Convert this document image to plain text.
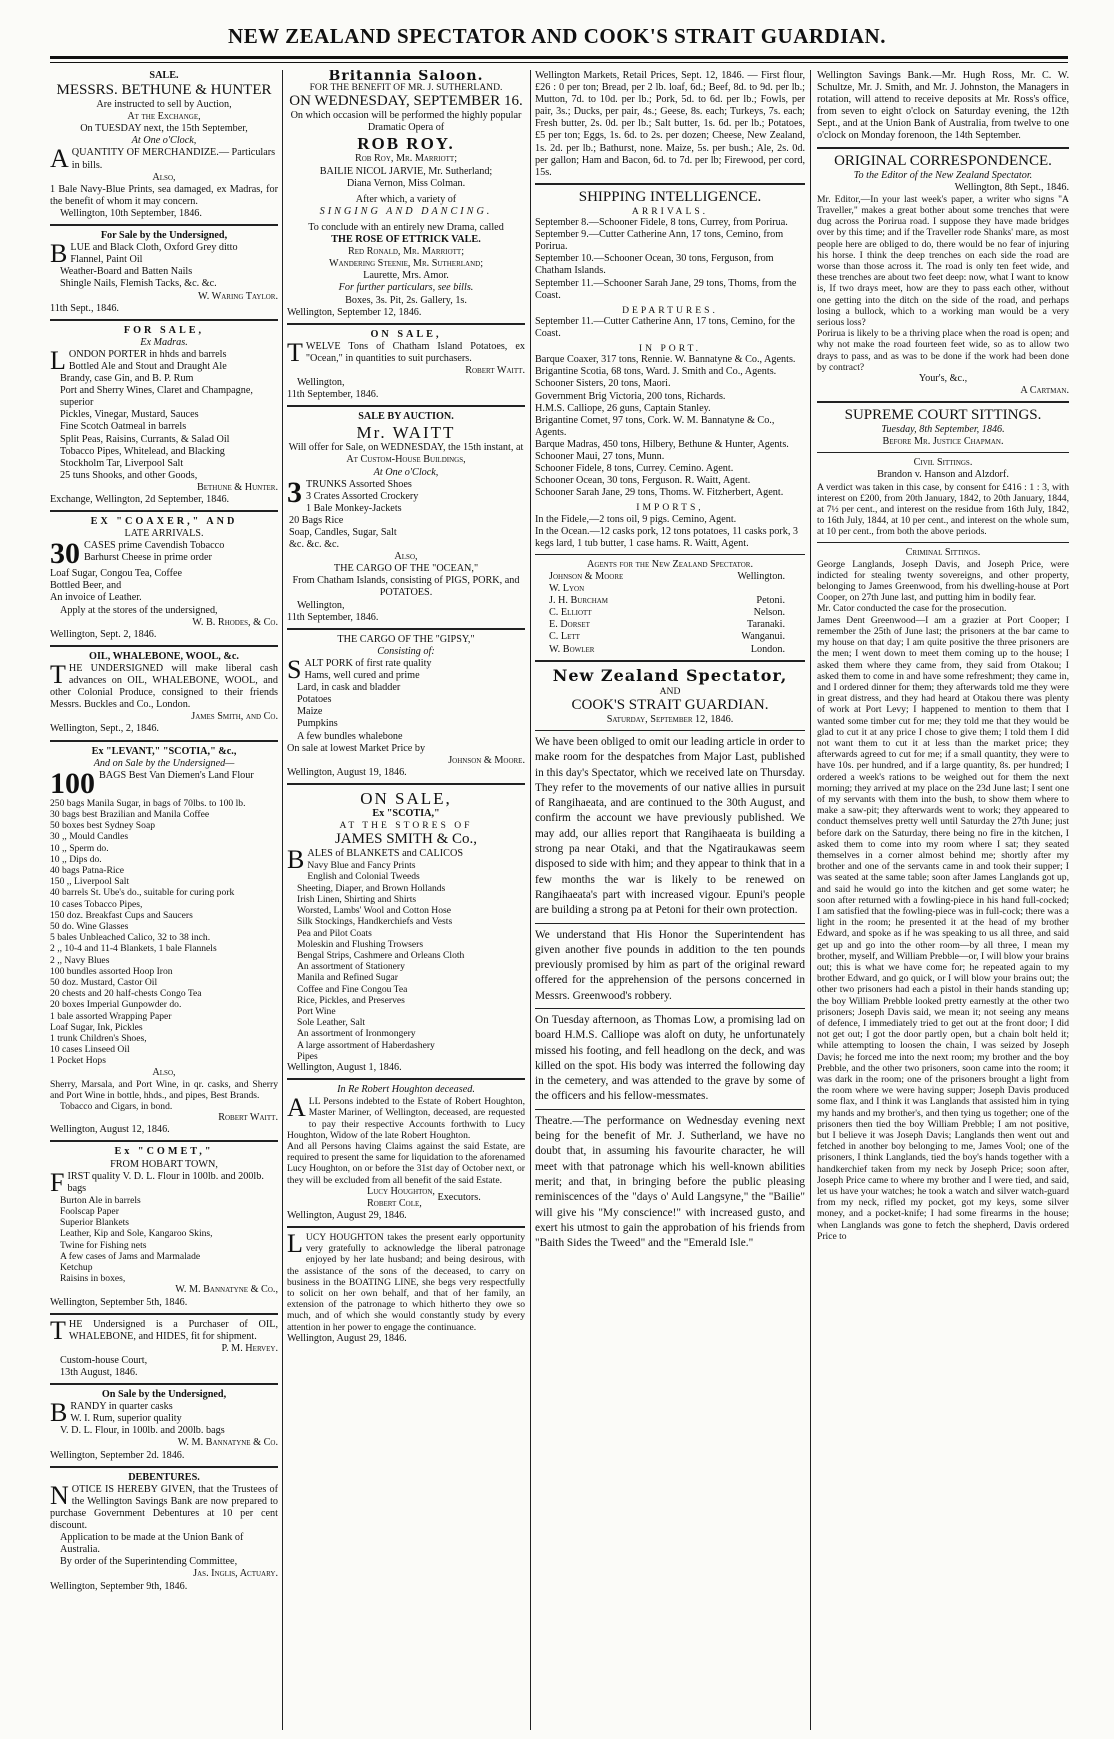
NEW ZEALAND SPECTATOR AND COOK'S STRAIT GUARDIAN.
SALE.
MESSRS. BETHUNE & HUNTER
Are instructed to sell by Auction,
At the Exchange,
On TUESDAY next, the 15th September,
At One o'Clock,
AQUANTITY OF MERCHANDIZE.— Particulars in bills.
Also,
1 Bale Navy-Blue Prints, sea damaged, ex Madras, for the benefit of whom it may concern.
Wellington, 10th September, 1846.
For Sale by the Undersigned,
BLUE and Black Cloth, Oxford Grey ditto
Flannel, Paint Oil
Weather-Board and Batten Nails
Shingle Nails, Flemish Tacks, &c. &c.
W. Waring Taylor.
11th Sept., 1846.
FOR SALE,
Ex Madras.
LONDON PORTER in hhds and barrels
Bottled Ale and Stout and Draught Ale
Brandy, case Gin, and B. P. Rum
Port and Sherry Wines, Claret and Champagne, superior
Pickles, Vinegar, Mustard, Sauces
Fine Scotch Oatmeal in barrels
Split Peas, Raisins, Currants, & Salad Oil
Tobacco Pipes, Whitelead, and Blacking
Stockholm Tar, Liverpool Salt
25 tuns Shooks, and other Goods,
Bethune & Hunter.
Exchange, Wellington, 2d September, 1846.
EX "COAXER," AND
LATE ARRIVALS.
30 CASES prime Cavendish Tobacco
Barhurst Cheese in prime order
Loaf Sugar, Congou Tea, Coffee
Bottled Beer, and
An invoice of Leather.
Apply at the stores of the undersigned,
W. B. Rhodes, & Co.
Wellington, Sept. 2, 1846.
OIL, WHALEBONE, WOOL, &c.
THE UNDERSIGNED will make liberal cash advances on OIL, WHALEBONE, WOOL, and other Colonial Produce, consigned to their friends Messrs. Buckles and Co., London.
James Smith, and Co.
Wellington, Sept., 2, 1846.
Ex "LEVANT," "SCOTIA," &c.,
And on Sale by the Undersigned—
100 BAGS Best Van Diemen's Land Flour
250 bags Manila Sugar, in bags of 70lbs. to 100 lb.
30 bags best Brazilian and Manila Coffee
50 boxes best Sydney Soap
30 ,, Mould Candles
10 ,, Sperm do.
10 ,, Dips do.
40 bags Patna-Rice
150 ,, Liverpool Salt
40 barrels St. Ube's do., suitable for curing pork
10 cases Tobacco Pipes,
150 doz. Breakfast Cups and Saucers
50 do. Wine Glasses
5 bales Unbleached Calico, 32 to 38 inch.
2 ,, 10-4 and 11-4 Blankets, 1 bale Flannels
2 ,, Navy Blues
100 bundles assorted Hoop Iron
50 doz. Mustard, Castor Oil
20 chests and 20 half-chests Congo Tea
20 boxes Imperial Gunpowder do.
1 bale assorted Wrapping Paper
Loaf Sugar, Ink, Pickles
1 trunk Children's Shoes,
10 cases Linseed Oil
1 Pocket Hops
Also,
Sherry, Marsala, and Port Wine, in qr. casks, and Sherry and Port Wine in bottle, hhds., and pipes, Best Brands.
Tobacco and Cigars, in bond.
Robert Waitt.
Wellington, August 12, 1846.
Ex "COMET,"
FROM HOBART TOWN,
FIRST quality V. D. L. Flour in 100lb. and 200lb. bags
Burton Ale in barrels
Foolscap Paper
Superior Blankets
Leather, Kip and Sole, Kangaroo Skins,
Twine for Fishing nets
A few cases of Jams and Marmalade
Ketchup
Raisins in boxes,
W. M. Bannatyne & Co.,
Wellington, September 5th, 1846.
THE Undersigned is a Purchaser of OIL, WHALEBONE, and HIDES, fit for shipment.
P. M. Hervey.
Custom-house Court,
13th August, 1846.
On Sale by the Undersigned,
BRANDY in quarter casks
W. I. Rum, superior quality
V. D. L. Flour, in 100lb. and 200lb. bags
W. M. Bannatyne & Co.
Wellington, September 2d. 1846.
DEBENTURES.
NOTICE IS HEREBY GIVEN, that the Trustees of the Wellington Savings Bank are now prepared to purchase Government Debentures at 10 per cent discount.
Application to be made at the Union Bank of Australia.
By order of the Superintending Committee,
Jas. Inglis, Actuary.
Wellington, September 9th, 1846.
Britannia Saloon.
FOR THE BENEFIT OF MR. J. SUTHERLAND.
ON WEDNESDAY, SEPTEMBER 16.
On which occasion will be performed the highly popular Dramatic Opera of
ROB ROY.
Rob Roy, Mr. Marriott;
BAILIE NICOL JARVIE, Mr. Sutherland;
Diana Vernon, Miss Colman.
After which, a variety of
SINGING AND DANCING.
To conclude with an entirely new Drama, called
THE ROSE OF ETTRICK VALE.
Red Ronald, Mr. Marriott;
Wandering Steenie, Mr. Sutherland;
Laurette, Mrs. Amor.
For further particulars, see bills.
Boxes, 3s. Pit, 2s. Gallery, 1s.
Wellington, September 12, 1846.
ON SALE,
TWELVE Tons of Chatham Island Potatoes, ex "Ocean," in quantities to suit purchasers.
Robert Waitt.
Wellington,
11th September, 1846.
SALE BY AUCTION.
Mr. WAITT
Will offer for Sale, on WEDNESDAY, the 15th instant, at
At Custom-House Buildings,
At One o'Clock,
3 TRUNKS Assorted Shoes
3 Crates Assorted Crockery
1 Bale Monkey-Jackets
20 Bags Rice
Soap, Candles, Sugar, Salt
&c. &c. &c.
Also,
THE CARGO OF THE "OCEAN,"
From Chatham Islands, consisting of PIGS, PORK, and POTATOES.
Wellington,
11th September, 1846.
THE CARGO OF THE "GIPSY,"
Consisting of:
SALT PORK of first rate quality
Hams, well cured and prime
Lard, in cask and bladder
Potatoes
Maize
Pumpkins
A few bundles whalebone
On sale at lowest Market Price by
Johnson & Moore.
Wellington, August 19, 1846.
ON SALE,
Ex "SCOTIA,"
AT THE STORES OF
JAMES SMITH & Co.,
BALES of BLANKETS and CALICOS
Navy Blue and Fancy Prints
English and Colonial Tweeds
Sheeting, Diaper, and Brown Hollands
Irish Linen, Shirting and Shirts
Worsted, Lambs' Wool and Cotton Hose
Silk Stockings, Handkerchiefs and Vests
Pea and Pilot Coats
Moleskin and Flushing Trowsers
Bengal Strips, Cashmere and Orleans Cloth
An assortment of Stationery
Manila and Refined Sugar
Coffee and Fine Congou Tea
Rice, Pickles, and Preserves
Port Wine
Sole Leather, Salt
An assortment of Ironmongery
A large assortment of Haberdashery
Pipes
Wellington, August 1, 1846.
In Re Robert Houghton deceased.
ALL Persons indebted to the Estate of Robert Houghton, Master Mariner, of Wellington, deceased, are requested to pay their respective Accounts forthwith to Lucy Houghton, Widow of the late Robert Houghton.
And all Persons having Claims against the said Estate, are required to present the same for liquidation to the aforenamed Lucy Houghton, on or before the 31st day of October next, or they will be excluded from all benefit of the said Estate.
Lucy Houghton,
Robert Cole, Executors.
Wellington, August 29, 1846.
LUCY HOUGHTON takes the present early opportunity very gratefully to acknowledge the liberal patronage enjoyed by her late husband; and being desirous, with the assistance of the sons of the deceased, to carry on business in the BOATING LINE, she begs very respectfully to solicit on her own behalf, and that of her family, an extension of the patronage to which hitherto they owe so much, and of which she would constantly study by every attention in her power to engage the continuance.
Wellington, August 29, 1846.
Wellington Markets, Retail Prices, Sept. 12, 1846. — First flour, £26 : 0 per ton; Bread, per 2 lb. loaf, 6d.; Beef, 8d. to 9d. per lb.; Mutton, 7d. to 10d. per lb.; Pork, 5d. to 6d. per lb.; Fowls, per pair, 3s.; Ducks, per pair, 4s.; Geese, 8s. each; Turkeys, 7s. each; Fresh butter, 2s. 0d. per lb.; Salt butter, 1s. 6d. per lb.; Potatoes, £5 per ton; Eggs, 1s. 6d. to 2s. per dozen; Cheese, New Zealand, 1s. 2d. per lb.; Bathurst, none. Maize, 5s. per bush.; Ale, 2s. 0d. per gallon; Ham and Bacon, 6d. to 7d. per lb; Firewood, per cord, 15s.
SHIPPING INTELLIGENCE.
ARRIVALS.
September 8.—Schooner Fidele, 8 tons, Currey, from Porirua.
September 9.—Cutter Catherine Ann, 17 tons, Cemino, from Porirua.
September 10.—Schooner Ocean, 30 tons, Ferguson, from Chatham Islands.
September 11.—Schooner Sarah Jane, 29 tons, Thoms, from the Coast.
DEPARTURES.
September 11.—Cutter Catherine Ann, 17 tons, Cemino, for the Coast.
IN PORT.
Barque Coaxer, 317 tons, Rennie. W. Bannatyne & Co., Agents.
Brigantine Scotia, 68 tons, Ward. J. Smith and Co., Agents.
Schooner Sisters, 20 tons, Maori.
Government Brig Victoria, 200 tons, Richards.
H.M.S. Calliope, 26 guns, Captain Stanley.
Brigantine Comet, 97 tons, Cork. W. M. Bannatyne & Co., Agents.
Barque Madras, 450 tons, Hilbery, Bethune & Hunter, Agents.
Schooner Maui, 27 tons, Munn.
Schooner Fidele, 8 tons, Currey. Cemino. Agent.
Schooner Ocean, 30 tons, Ferguson. R. Waitt, Agent.
Schooner Sarah Jane, 29 tons, Thoms. W. Fitzherbert, Agent.
IMPORTS,
In the Fidele,—2 tons oil, 9 pigs. Cemino, Agent.
In the Ocean.—12 casks pork, 12 tons potatoes, 11 casks pork, 3 kegs lard, 1 tub butter, 1 case hams. R. Waitt, Agent.
Agents for the New Zealand Spectator.
Johnson & Moore	Wellington.
W. Lyon
J. H. Burcham	Petoni.
C. Elliott	Nelson.
E. Dorset	Taranaki.
C. Lett	Wanganui.
W. Bowler	London.
New Zealand Spectator,
AND
COOK'S STRAIT GUARDIAN.
Saturday, September 12, 1846.

We have been obliged to omit our leading article in order to make room for the despatches from Major Last, published in this day's Spectator, which we received late on Thursday. They refer to the movements of our native allies in pursuit of Rangihaeata, and are continued to the 30th August, and confirm the account we have previously published. We may add, our allies report that Rangihaeata is building a strong pa near Otaki, and that the Ngatiraukawas seem disposed to side with him; and they appear to think that in a few months the war is likely to be renewed on Rangihaeata's part with increased vigour. Epuni's people are building a strong pa at Petoni for their own protection.

We understand that His Honor the Superintendent has given another five pounds in addition to the ten pounds previously promised by him as part of the original reward offered for the apprehension of the persons concerned in Messrs. Greenwood's robbery.

On Tuesday afternoon, as Thomas Low, a promising lad on board H.M.S. Calliope was aloft on duty, he unfortunately missed his footing, and fell headlong on the deck, and was killed on the spot. His body was interred the following day in the cemetery, and was attended to the grave by some of the officers and his fellow-messmates.

Theatre.—The performance on Wednesday evening next being for the benefit of Mr. J. Sutherland, we have no doubt that, in assuming his favourite character, he will meet with that patronage which his well-known abilities merit; and that, in bringing before the public pleasing reminiscences of the "days o' Auld Langsyne," the "Bailie" will give his "My conscience!" with increased gusto, and exert his utmost to gain the approbation of his friends from "Baith Sides the Tweed" and the "Emerald Isle."

Wellington Savings Bank.—Mr. Hugh Ross, Mr. C. W. Schultze, Mr. J. Smith, and Mr. J. Johnston, the Managers in rotation, will attend to receive deposits at Mr. Ross's office, from seven to eight o'clock on Saturday evening, the 12th Sept., and at the Union Bank of Australia, from twelve to one o'clock on Monday forenoon, the 14th September.
ORIGINAL CORRESPONDENCE.
To the Editor of the New Zealand Spectator.
Wellington, 8th Sept., 1846.
Mr. Editor,—In your last week's paper, a writer who signs "A Traveller," makes a great bother about some trenches that were dug across the Porirua road. I suppose they have made bridges over by this time; and if the Traveller rode Shanks' mare, as most people here are obliged to do, there would be no fear of injuring his horse. I think the deep trenches on each side the road are worse than those across it. The road is only ten feet wide, and these trenches are about two feet deep: now, what I want to know is, If two drays meet, how are they to pass each other, without one getting into the ditch on the side of the road, and perhaps losing a bullock, which to a working man would be a very serious loss?
Porirua is likely to be a thriving place when the road is open; and why not make the road fourteen feet wide, so as to allow two drays to pass, and as was to be done if the work had been done by contract?
Your's, &c.,
A Cartman.
SUPREME COURT SITTINGS.
Tuesday, 8th September, 1846.
Before Mr. Justice Chapman.
Civil Sittings.
Brandon v. Hanson and Alzdorf.
A verdict was taken in this case, by consent for £416 : 1 : 3, with interest on £200, from 20th January, 1842, to 20th January, 1844, at 7½ per cent., and interest on the residue from 16th July, 1842, to 16th July, 1844, at 10 per cent., and interest on the whole sum, at 10 per cent., from both the above periods.
Criminal Sittings.
George Langlands, Joseph Davis, and Joseph Price, were indicted for stealing twenty sovereigns, and other property, belonging to James Greenwood, from his dwelling-house at Port Cooper, on 27th June last, and putting him in bodily fear.
Mr. Cator conducted the case for the prosecution.
James Dent Greenwood—I am a grazier at Port Cooper; I remember the 25th of June last; the prisoners at the bar came to my house on that day; I am quite positive the three prisoners are the men; I went down to meet them coming up to the house; I asked them where they came from, they said from Otakou; I asked them to come in and have some refreshment; they came in, and I ordered dinner for them; they afterwards told me they were in great distress, and they had heard at Otakou there was plenty of work at Port Levy; I happened to mention to them that I wanted some timber cut for me; they told me that they would be glad to cut it at any price I chose to give them; I told them I did not want them to cut it at less than the market price; they afterwards agreed to cut for me; if a small quantity, they were to have 10s. per hundred, and if a large quantity, 8s. per hundred; I ordered a week's rations to be weighed out for them the next morning; they arrived at my place on the 23d June last; I sent one of my servants with them into the bush, to show them where to make a saw-pit; they afterwards went to work; they appeared to conduct themselves pretty well until Saturday the 27th June; just before dark on the Saturday, there being no fire in the kitchen, I asked them to come into my room where I sat; they seated themselves in a corner almost behind me; shortly after my brother and one of the servants came in and took their supper; I was seated at the same table; soon after James Langlands got up, and said he would go into the kitchen and get some water; he soon after returned with a fowling-piece in his hand full-cocked; I am satisfied that the fowling-piece was in full-cock; there was a light in the room; he presented it at the head of my brother Edward, and spoke as if he was speaking to us all three, and said get up and go into the other room—by all three, I mean my brother, myself, and William Prebble—or, I will blow your brains out; this is what we have come for; he repeated again to my brother Edward, and go quick, or I will blow your brains out; the other two prisoners had each a pistol in their hands standing up; the boy William Prebble looked pretty earnestly at the other two prisoners; Joseph Davis said, we mean it; not seeing any means of defence, I immediately tried to get out at the front door; I did not get out; I got the door partly open, but a chain bolt held it; while attempting to loosen the chain, I was seized by Joseph Davis; he forced me into the next room; my brother and the boy Prebble, and the other two prisoners, soon came into the room; it was dark in the room; one of the prisoners brought a light from the room where we were having supper; Joseph Davis produced some flax, and I think it was Langlands that assisted him in tying my hands and my brother's, and then tying us together; one of the prisoners then tied the boy William Prebble; I am not positive, but I believe it was Joseph Davis; Langlands then went out and fetched in another boy belonging to me, James Vool; one of the prisoners, I think Langlands, tied the boy's hands together with a handkerchief taken from my neck by Joseph Price; soon after, Joseph Price came to where my brother and I were tied, and said, let us have your watches; he took a watch and silver watch-guard from my neck, rifled my pocket, got my keys, some silver money, and a pocket-knife; I had some firearms in the house; when Langlands was gone to fetch the shepherd, Davis ordered Price to
